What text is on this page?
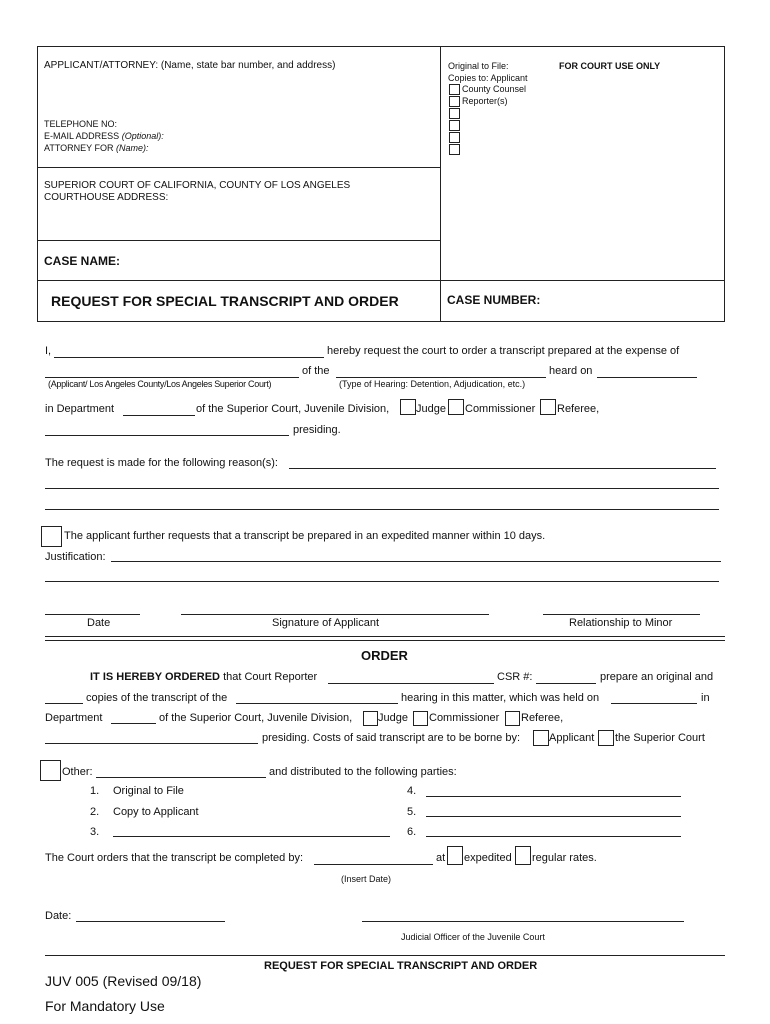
APPLICANT/ATTORNEY: (Name, state bar number, and address)
TELEPHONE NO:
E-MAIL ADDRESS (Optional):
ATTORNEY FOR (Name):
SUPERIOR COURT OF CALIFORNIA, COUNTY OF LOS ANGELES
COURTHOUSE ADDRESS:
CASE NAME:
REQUEST FOR SPECIAL TRANSCRIPT AND ORDER	CASE NUMBER:
Original to File:	FOR COURT USE ONLY
Copies to: Applicant
County Counsel
Reporter(s)
I,	hereby request the court to order a transcript prepared at the expense of
of the	heard on
(Applicant/ Los Angeles County/Los Angeles Superior Court)	(Type of Hearing: Detention, Adjudication, etc.)
in Department	of the Superior Court, Juvenile Division, Judge Commissioner Referee,
presiding.
The request is made for the following reason(s):
The applicant further requests that a transcript be prepared in an expedited manner within 10 days.
Justification:
Date	Signature of Applicant	Relationship to Minor
ORDER
IT IS HEREBY ORDERED that Court Reporter	CSR #:	prepare an original and
copies of the transcript of the	hearing in this matter, which was held on	in
Department	of the Superior Court, Juvenile Division, Judge Commissioner Referee,
presiding. Costs of said transcript are to be borne by:	Applicant the Superior Court
Other:	and distributed to the following parties:
1. Original to File
2. Copy to Applicant
3.
4.
5.
6.
The Court orders that the transcript be completed by:	at expedited regular rates.
(Insert Date)
Date:
Judicial Officer of the Juvenile Court
JUV 005 (Revised 09/18)
For Mandatory Use
REQUEST FOR SPECIAL TRANSCRIPT AND ORDER
